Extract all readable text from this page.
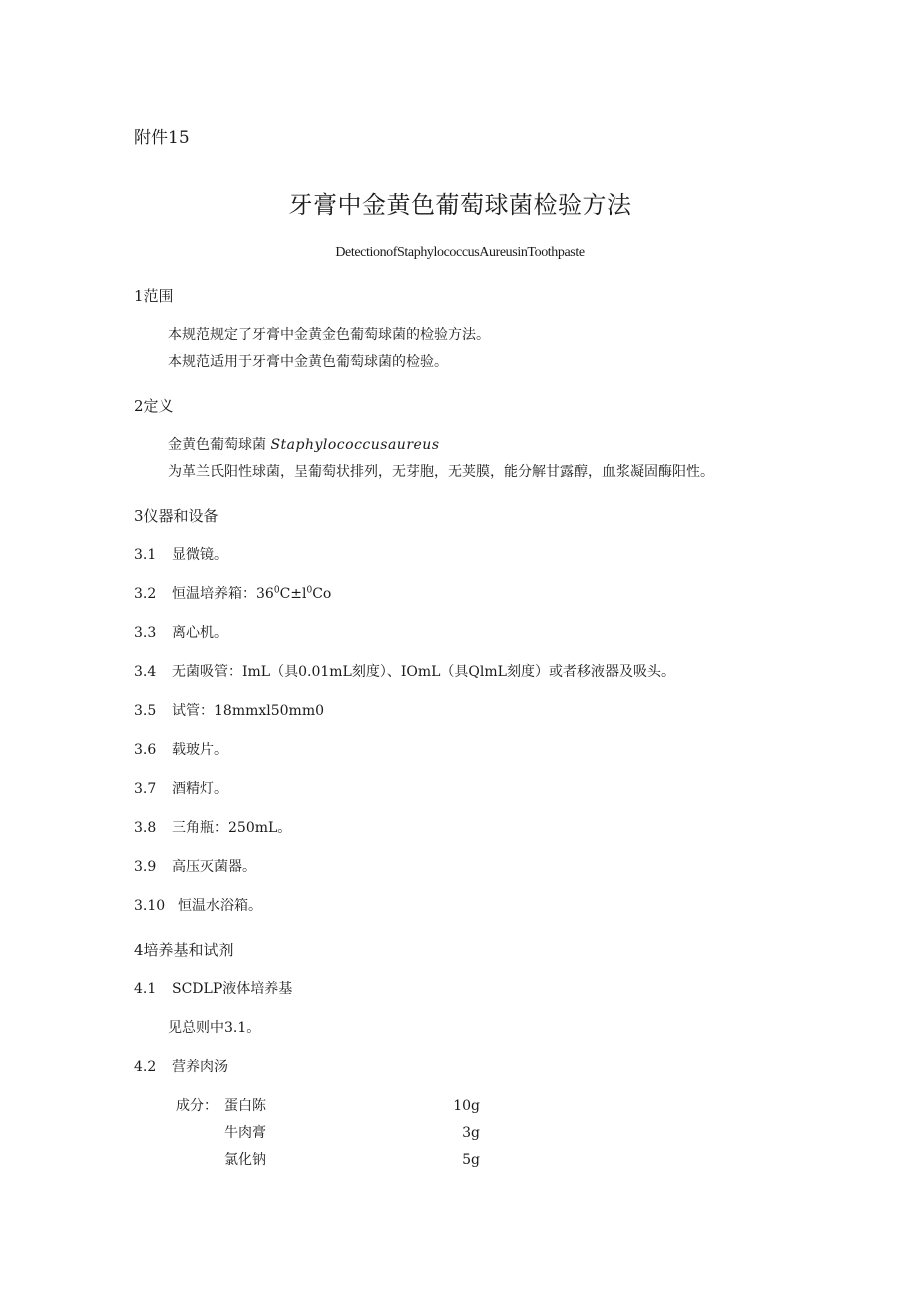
附件15
牙膏中金黄色葡萄球菌检验方法
DetectionofStaphylococcusAureusinToothpaste
1范围
本规范规定了牙膏中金黄金色葡萄球菌的检验方法。
本规范适用于牙膏中金黄色葡萄球菌的检验。
2定义
金黄色葡萄球菌 Staphylococcusaureus
为革兰氏阳性球菌，呈葡萄状排列，无芽胞，无荚膜，能分解甘露醇，血浆凝固酶阳性。
3仪器和设备
3.1 显微镜。
3.2 恒温培养箱：$36^0C\pm l^0Co$
3.3 离心机。
3.4 无菌吸管：ImL（具0.01mL刻度）、IOmL（具QlmL刻度）或者移液器及吸头。
3.5 试管：18mmxl50mm0
3.6 载玻片。
3.7 酒精灯。
3.8 三角瓶：250mL。
3.9 高压灭菌器。
3.10 恒温水浴箱。
4培养基和试剂
4.1 SCDLP液体培养基
见总则中3.1。
4.2 营养肉汤
成分： 蛋白陈	10g
牛肉膏	3g
氯化钠	5g
